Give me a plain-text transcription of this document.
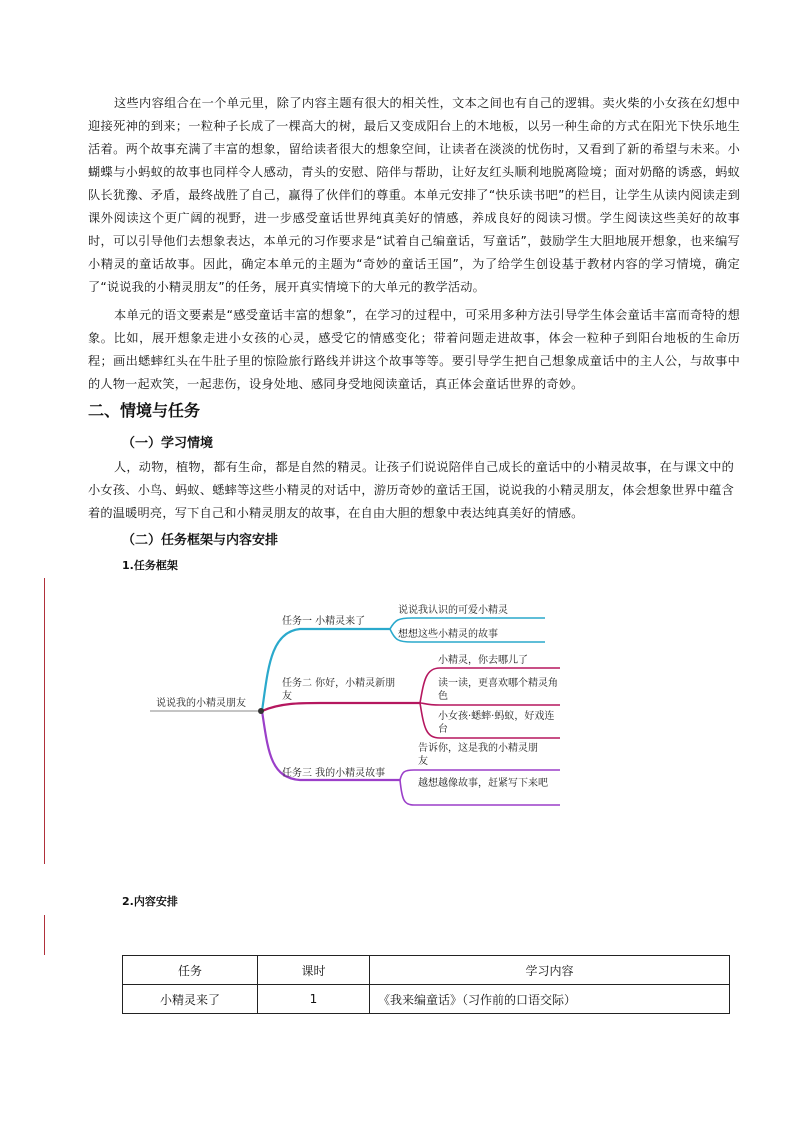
这些内容组合在一个单元里，除了内容主题有很大的相关性，文本之间也有自己的逻辑。卖火柴的小女孩在幻想中迎接死神的到来；一粒种子长成了一棵高大的树，最后又变成阳台上的木地板，以另一种生命的方式在阳光下快乐地生活着。两个故事充满了丰富的想象，留给读者很大的想象空间，让读者在淡淡的忧伤时，又看到了新的希望与未来。小蝴蝶与小蚂蚁的故事也同样令人感动，青头的安慰、陪伴与帮助，让好友红头顺利地脱离险境；面对奶酪的诱惑，蚂蚁队长犹豫、矛盾，最终战胜了自己，赢得了伙伴们的尊重。本单元安排了“快乐读书吧”的栏目，让学生从读内阅读走到课外阅读这个更广阔的视野，进一步感受童话世界纯真美好的情感，养成良好的阅读习惯。学生阅读这些美好的故事时，可以引导他们去想象表达，本单元的习作要求是“试着自己编童话，写童话”，鼓励学生大胆地展开想象，也来编写小精灵的童话故事。因此，确定本单元的主题为“奇妙的童话王国”，为了给学生创设基于教材内容的学习情境，确定了“说说我的小精灵朋友”的任务，展开真实情境下的大单元的教学活动。

本单元的语文要素是“感受童话丰富的想象”，在学习的过程中，可采用多种方法引导学生体会童话丰富而奇特的想象。比如，展开想象走进小女孩的心灵，感受它的情感变化；带着问题走进故事，体会一粒种子到阳台地板的生命历程；画出蟋蟀红头在牛肚子里的惊险旅行路线并讲这个故事等等。要引导学生把自己想象成童话中的主人公，与故事中的人物一起欢笑，一起悲伤，设身处地、感同身受地阅读童话，真正体会童话世界的奇妙。

二、情境与任务
（一）学习情境

人，动物，植物，都有生命，都是自然的精灵。让孩子们说说陪伴自己成长的童话中的小精灵故事，在与课文中的小女孩、小鸟、蚂蚁、蟋蟀等这些小精灵的对话中，游历奇妙的童话王国，说说我的小精灵朋友，体会想象世界中蕴含着的温暖明亮，写下自己和小精灵朋友的故事，在自由大胆的想象中表达纯真美好的情感。

（二）任务框架与内容安排
1.任务框架
说说我的小精灵朋友
任务一 小精灵来了
说说我认识的可爱小精灵
想想这些小精灵的故事
任务二 你好，小精灵新朋友
小精灵，你去哪儿了
读一读，更喜欢哪个精灵角色
小女孩·蟋蟀·蚂蚁，好戏连台
任务三 我的小精灵故事
告诉你，这是我的小精灵朋友
越想越像故事，赶紧写下来吧
2.内容安排
任务	课时	学习内容
小精灵来了	1	《我来编童话》（习作前的口语交际）
